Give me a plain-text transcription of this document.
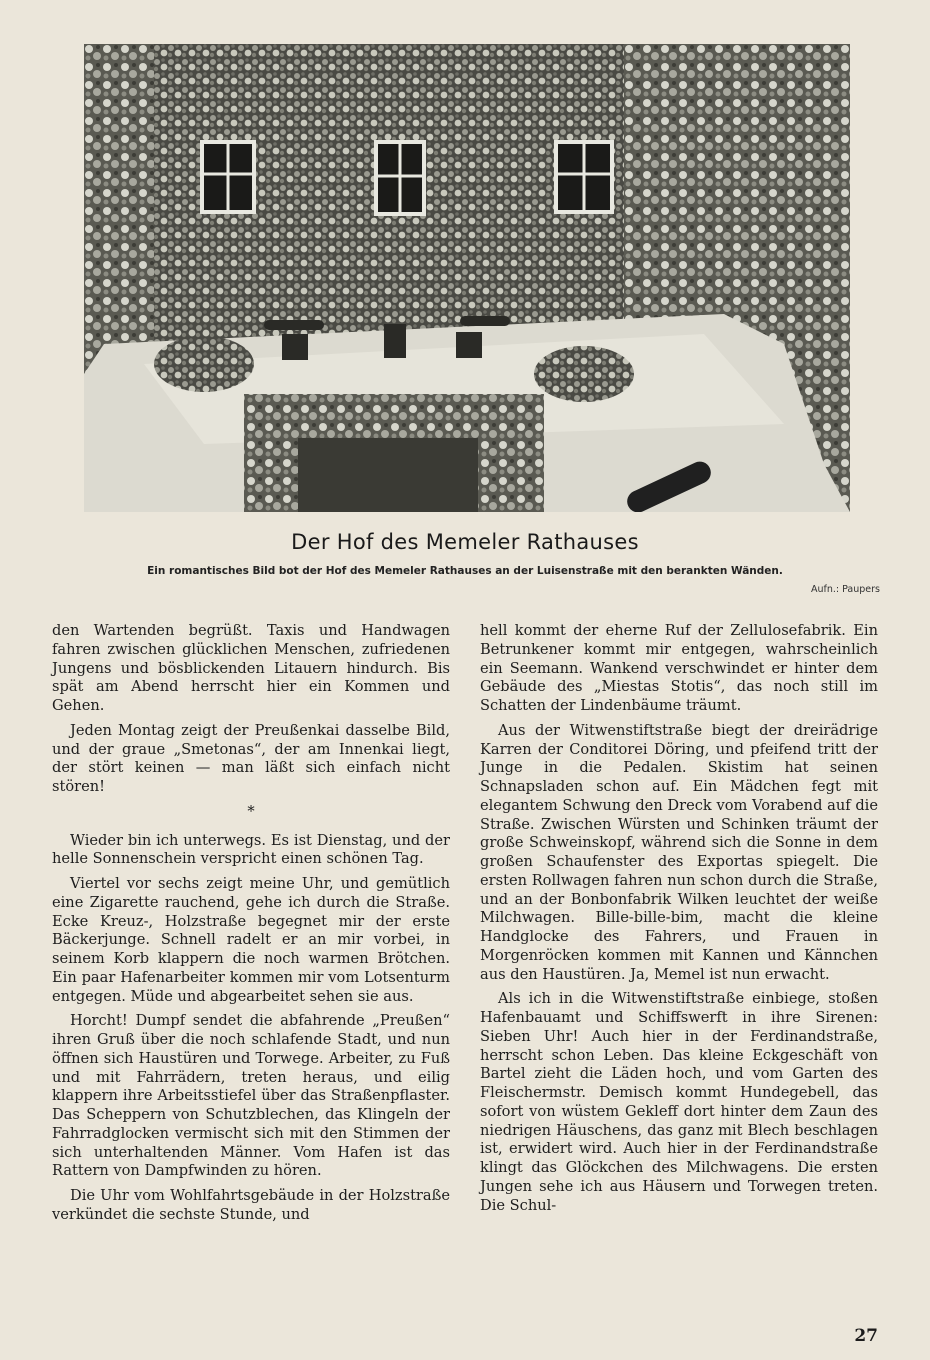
Der Hof des Memeler Rathauses
Ein romantisches Bild bot der Hof des Memeler Rathauses an der Luisenstraße mit den berankten Wänden.
Aufn.: Paupers

den Wartenden begrüßt. Taxis und Handwagen fahren zwischen glücklichen Menschen, zufriedenen Jungens und bösblickenden Litauern hindurch. Bis spät am Abend herrscht hier ein Kommen und Gehen.

Jeden Montag zeigt der Preußenkai dasselbe Bild, und der graue „Smetonas“, der am Innenkai liegt, der stört keinen — man läßt sich einfach nicht stören!

*

Wieder bin ich unterwegs. Es ist Dienstag, und der helle Sonnenschein verspricht einen schönen Tag.

Viertel vor sechs zeigt meine Uhr, und gemütlich eine Zigarette rauchend, gehe ich durch die Straße. Ecke Kreuz-, Holzstraße begegnet mir der erste Bäckerjunge. Schnell radelt er an mir vorbei, in seinem Korb klappern die noch warmen Brötchen. Ein paar Hafenarbeiter kommen mir vom Lotsenturm entgegen. Müde und abgearbeitet sehen sie aus.

Horcht! Dumpf sendet die abfahrende „Preußen“ ihren Gruß über die noch schlafende Stadt, und nun öffnen sich Haustüren und Torwege. Arbeiter, zu Fuß und mit Fahrrädern, treten heraus, und eilig klappern ihre Arbeitsstiefel über das Straßenpflaster. Das Scheppern von Schutzblechen, das Klingeln der Fahrradglocken vermischt sich mit den Stimmen der sich unterhaltenden Männer. Vom Hafen ist das Rattern von Dampfwinden zu hören.

Die Uhr vom Wohlfahrtsgebäude in der Holzstraße verkündet die sechste Stunde, und

hell kommt der eherne Ruf der Zellulosefabrik. Ein Betrunkener kommt mir entgegen, wahrscheinlich ein Seemann. Wankend verschwindet er hinter dem Gebäude des „Miestas Stotis“, das noch still im Schatten der Lindenbäume träumt.

Aus der Witwenstiftstraße biegt der dreirädrige Karren der Conditorei Döring, und pfeifend tritt der Junge in die Pedalen. Skistim hat seinen Schnapsladen schon auf. Ein Mädchen fegt mit elegantem Schwung den Dreck vom Vorabend auf die Straße. Zwischen Würsten und Schinken träumt der große Schweinskopf, während sich die Sonne in dem großen Schaufenster des Exportas spiegelt. Die ersten Rollwagen fahren nun schon durch die Straße, und an der Bonbonfabrik Wilken leuchtet der weiße Milchwagen. Bille-bille-bim, macht die kleine Handglocke des Fahrers, und Frauen in Morgenröcken kommen mit Kannen und Kännchen aus den Haustüren. Ja, Memel ist nun erwacht.

Als ich in die Witwenstiftstraße einbiege, stoßen Hafenbauamt und Schiffswerft in ihre Sirenen: Sieben Uhr! Auch hier in der Ferdinandstraße, herrscht schon Leben. Das kleine Eckgeschäft von Bartel zieht die Läden hoch, und vom Garten des Fleischermstr. Demisch kommt Hundegebell, das sofort von wüstem Gekleff dort hinter dem Zaun des niedrigen Häuschens, das ganz mit Blech beschlagen ist, erwidert wird. Auch hier in der Ferdinandstraße klingt das Glöckchen des Milchwagens. Die ersten Jungen sehe ich aus Häusern und Torwegen treten. Die Schul-

27
